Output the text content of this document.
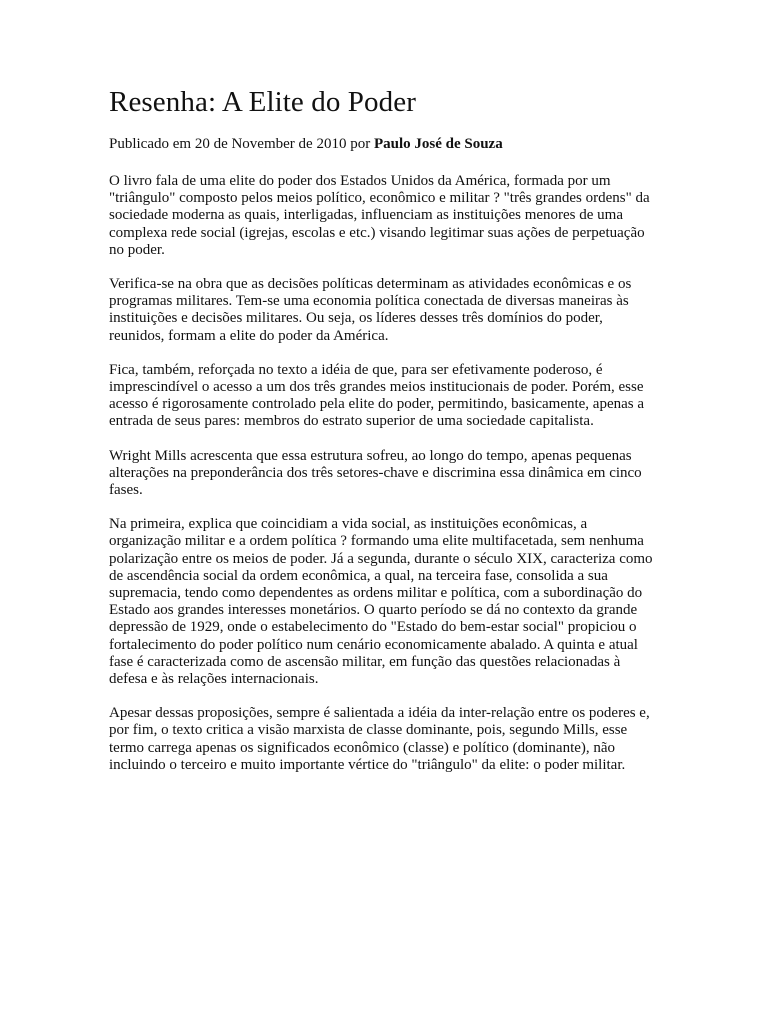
Resenha: A Elite do Poder

Publicado em 20 de November de 2010 por Paulo José de Souza

O livro fala de uma elite do poder dos Estados Unidos da América, formada por um "triângulo" composto pelos meios político, econômico e militar ? "três grandes ordens" da sociedade moderna as quais, interligadas, influenciam as instituições menores de uma complexa rede social (igrejas, escolas e etc.) visando legitimar suas ações de perpetuação no poder.

Verifica-se na obra que as decisões políticas determinam as atividades econômicas e os programas militares. Tem-se uma economia política conectada de diversas maneiras às instituições e decisões militares. Ou seja, os líderes desses três domínios do poder, reunidos, formam a elite do poder da América.

Fica, também, reforçada no texto a idéia de que, para ser efetivamente poderoso, é imprescindível o acesso a um dos três grandes meios institucionais de poder. Porém, esse acesso é rigorosamente controlado pela elite do poder, permitindo, basicamente, apenas a entrada de seus pares: membros do estrato superior de uma sociedade capitalista.

Wright Mills acrescenta que essa estrutura sofreu, ao longo do tempo, apenas pequenas alterações na preponderância dos três setores-chave e discrimina essa dinâmica em cinco fases.

Na primeira, explica que coincidiam a vida social, as instituições econômicas, a organização militar e a ordem política ? formando uma elite multifacetada, sem nenhuma polarização entre os meios de poder. Já a segunda, durante o século XIX, caracteriza como de ascendência social da ordem econômica, a qual, na terceira fase, consolida a sua supremacia, tendo como dependentes as ordens militar e política, com a subordinação do Estado aos grandes interesses monetários. O quarto período se dá no contexto da grande depressão de 1929, onde o estabelecimento do "Estado do bem-estar social" propiciou o fortalecimento do poder político num cenário economicamente abalado. A quinta e atual fase é caracterizada como de ascensão militar, em função das questões relacionadas à defesa e às relações internacionais.

Apesar dessas proposições, sempre é salientada a idéia da inter-relação entre os poderes e, por fim, o texto critica a visão marxista de classe dominante, pois, segundo Mills, esse termo carrega apenas os significados econômico (classe) e político (dominante), não incluindo o terceiro e muito importante vértice do "triângulo" da elite: o poder militar.
